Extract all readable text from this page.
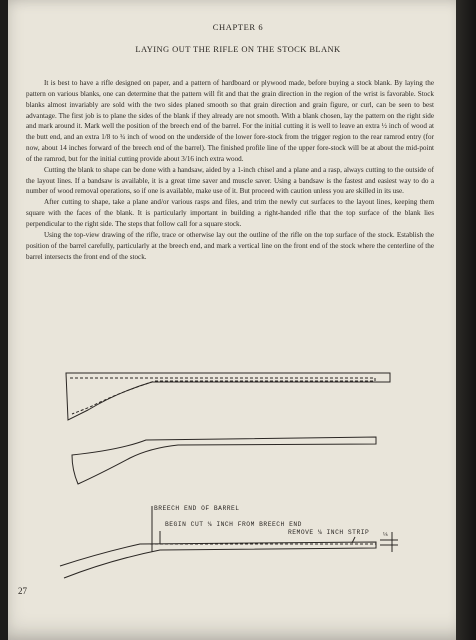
CHAPTER 6
LAYING OUT THE RIFLE ON THE STOCK BLANK

It is best to have a rifle designed on paper, and a pattern of hardboard or plywood made, before buying a stock blank. By laying the pattern on various blanks, one can determine that the pattern will fit and that the grain direction in the region of the wrist is favorable. Stock blanks almost invariably are sold with the two sides planed smooth so that grain direction and grain figure, or curl, can be seen to best advantage. The first job is to plane the sides of the blank if they already are not smooth. With a blank chosen, lay the pattern on the right side and mark around it. Mark well the position of the breech end of the barrel. For the initial cutting it is well to leave an extra ½ inch of wood at the butt end, and an extra 1/8 to ¾ inch of wood on the underside of the lower fore-stock from the trigger region to the rear ramrod entry (for now, about 14 inches forward of the breech end of the barrel). The finished profile line of the upper fore-stock will be at about the mid-point of the ramrod, but for the initial cutting provide about 3/16 inch extra wood.

Cutting the blank to shape can be done with a handsaw, aided by a 1-inch chisel and a plane and a rasp, always cutting to the outside of the layout lines. If a bandsaw is available, it is a great time saver and muscle saver. Using a bandsaw is the fastest and easiest way to do a number of wood removal operations, so if one is available, make use of it. But proceed with caution unless you are skilled in its use.

After cutting to shape, take a plane and/or various rasps and files, and trim the newly cut surfaces to the layout lines, keeping them square with the faces of the blank. It is particularly important in building a right-handed rifle that the top surface of the blank lies perpendicular to the right side. The steps that follow call for a square stock.

Using the top-view drawing of the rifle, trace or otherwise lay out the outline of the rifle on the top surface of the stock. Establish the position of the barrel carefully, particularly at the breech end, and mark a vertical line on the front end of the stock where the centerline of the barrel intersects the front end of the stock.

27
BREECH END OF BARREL
BEGIN CUT ⅛ INCH FROM BREECH END
REMOVE ⅛ INCH STRIP ⅛
